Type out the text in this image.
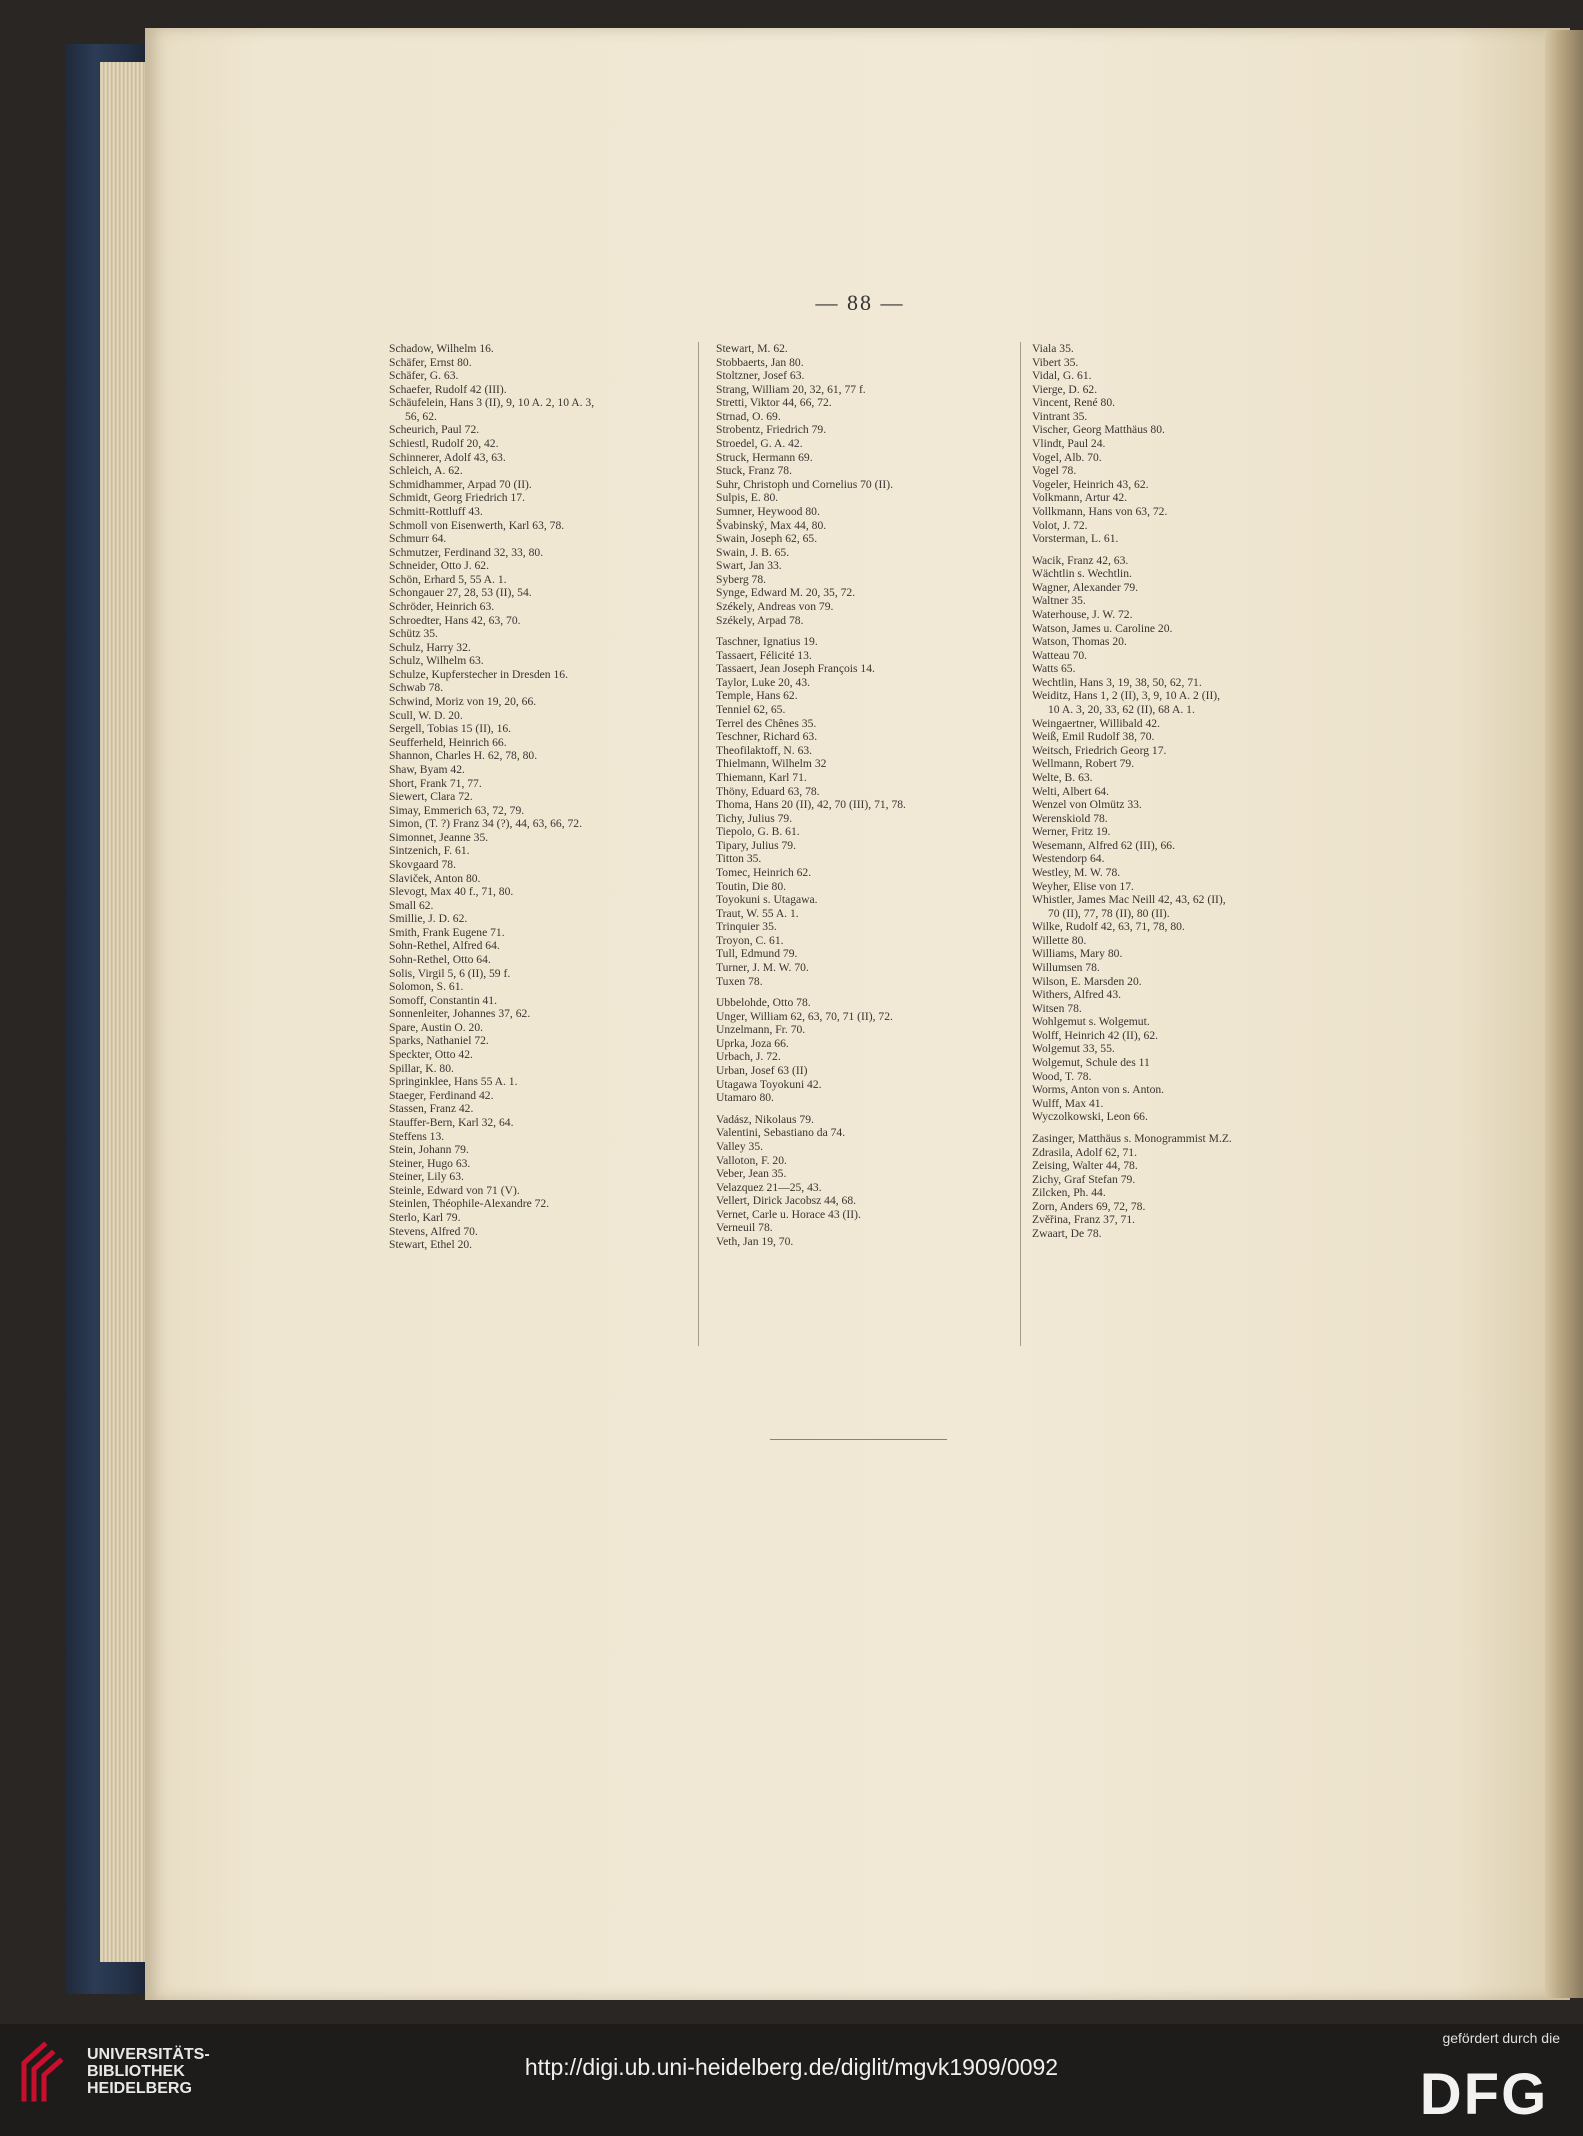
— 88 —
Schadow, Wilhelm 16.
Schäfer, Ernst 80.
Schäfer, G. 63.
Schaefer, Rudolf 42 (III).
Schäufelein, Hans 3 (II), 9, 10 A. 2, 10 A. 3,
56, 62.
Scheurich, Paul 72.
Schiestl, Rudolf 20, 42.
Schinnerer, Adolf 43, 63.
Schleich, A. 62.
Schmidhammer, Arpad 70 (II).
Schmidt, Georg Friedrich 17.
Schmitt-Rottluff 43.
Schmoll von Eisenwerth, Karl 63, 78.
Schmurr 64.
Schmutzer, Ferdinand 32, 33, 80.
Schneider, Otto J. 62.
Schön, Erhard 5, 55 A. 1.
Schongauer 27, 28, 53 (II), 54.
Schröder, Heinrich 63.
Schroedter, Hans 42, 63, 70.
Schütz 35.
Schulz, Harry 32.
Schulz, Wilhelm 63.
Schulze, Kupferstecher in Dresden 16.
Schwab 78.
Schwind, Moriz von 19, 20, 66.
Scull, W. D. 20.
Sergell, Tobias 15 (II), 16.
Seufferheld, Heinrich 66.
Shannon, Charles H. 62, 78, 80.
Shaw, Byam 42.
Short, Frank 71, 77.
Siewert, Clara 72.
Simay, Emmerich 63, 72, 79.
Simon, (T. ?) Franz 34 (?), 44, 63, 66, 72.
Simonnet, Jeanne 35.
Sintzenich, F. 61.
Skovgaard 78.
Slaviček, Anton 80.
Slevogt, Max 40 f., 71, 80.
Small 62.
Smillie, J. D. 62.
Smith, Frank Eugene 71.
Sohn-Rethel, Alfred 64.
Sohn-Rethel, Otto 64.
Solis, Virgil 5, 6 (II), 59 f.
Solomon, S. 61.
Somoff, Constantin 41.
Sonnenleiter, Johannes 37, 62.
Spare, Austin O. 20.
Sparks, Nathaniel 72.
Speckter, Otto 42.
Spillar, K. 80.
Springinklee, Hans 55 A. 1.
Staeger, Ferdinand 42.
Stassen, Franz 42.
Stauffer-Bern, Karl 32, 64.
Steffens 13.
Stein, Johann 79.
Steiner, Hugo 63.
Steiner, Lily 63.
Steinle, Edward von 71 (V).
Steinlen, Théophile-Alexandre 72.
Sterlo, Karl 79.
Stevens, Alfred 70.
Stewart, Ethel 20.
Stewart, M. 62.
Stobbaerts, Jan 80.
Stoltzner, Josef 63.
Strang, William 20, 32, 61, 77 f.
Stretti, Viktor 44, 66, 72.
Strnad, O. 69.
Strobentz, Friedrich 79.
Stroedel, G. A. 42.
Struck, Hermann 69.
Stuck, Franz 78.
Suhr, Christoph und Cornelius 70 (II).
Sulpis, E. 80.
Sumner, Heywood 80.
Švabinský, Max 44, 80.
Swain, Joseph 62, 65.
Swain, J. B. 65.
Swart, Jan 33.
Syberg 78.
Synge, Edward M. 20, 35, 72.
Székely, Andreas von 79.
Székely, Arpad 78.
Taschner, Ignatius 19.
Tassaert, Félicité 13.
Tassaert, Jean Joseph François 14.
Taylor, Luke 20, 43.
Temple, Hans 62.
Tenniel 62, 65.
Terrel des Chênes 35.
Teschner, Richard 63.
Theofilaktoff, N. 63.
Thielmann, Wilhelm 32
Thiemann, Karl 71.
Thöny, Eduard 63, 78.
Thoma, Hans 20 (II), 42, 70 (III), 71, 78.
Tichy, Julius 79.
Tiepolo, G. B. 61.
Tipary, Julius 79.
Titton 35.
Tomec, Heinrich 62.
Toutin, Die 80.
Toyokuni s. Utagawa.
Traut, W. 55 A. 1.
Trinquier 35.
Troyon, C. 61.
Tull, Edmund 79.
Turner, J. M. W. 70.
Tuxen 78.
Ubbelohde, Otto 78.
Unger, William 62, 63, 70, 71 (II), 72.
Unzelmann, Fr. 70.
Uprka, Joza 66.
Urbach, J. 72.
Urban, Josef 63 (II)
Utagawa Toyokuni 42.
Utamaro 80.
Vadász, Nikolaus 79.
Valentini, Sebastiano da 74.
Valley 35.
Valloton, F. 20.
Veber, Jean 35.
Velazquez 21—25, 43.
Vellert, Dirick Jacobsz 44, 68.
Vernet, Carle u. Horace 43 (II).
Verneuil 78.
Veth, Jan 19, 70.
Viala 35.
Vibert 35.
Vidal, G. 61.
Vierge, D. 62.
Vincent, René 80.
Vintrant 35.
Vischer, Georg Matthäus 80.
Vlindt, Paul 24.
Vogel, Alb. 70.
Vogel 78.
Vogeler, Heinrich 43, 62.
Volkmann, Artur 42.
Vollkmann, Hans von 63, 72.
Volot, J. 72.
Vorsterman, L. 61.
Wacik, Franz 42, 63.
Wächtlin s. Wechtlin.
Wagner, Alexander 79.
Waltner 35.
Waterhouse, J. W. 72.
Watson, James u. Caroline 20.
Watson, Thomas 20.
Watteau 70.
Watts 65.
Wechtlin, Hans 3, 19, 38, 50, 62, 71.
Weiditz, Hans 1, 2 (II), 3, 9, 10 A. 2 (II),
10 A. 3, 20, 33, 62 (II), 68 A. 1.
Weingaertner, Willibald 42.
Weiß, Emil Rudolf 38, 70.
Weitsch, Friedrich Georg 17.
Wellmann, Robert 79.
Welte, B. 63.
Welti, Albert 64.
Wenzel von Olmütz 33.
Werenskiold 78.
Werner, Fritz 19.
Wesemann, Alfred 62 (III), 66.
Westendorp 64.
Westley, M. W. 78.
Weyher, Elise von 17.
Whistler, James Mac Neill 42, 43, 62 (II),
70 (II), 77, 78 (II), 80 (II).
Wilke, Rudolf 42, 63, 71, 78, 80.
Willette 80.
Williams, Mary 80.
Willumsen 78.
Wilson, E. Marsden 20.
Withers, Alfred 43.
Witsen 78.
Wohlgemut s. Wolgemut.
Wolff, Heinrich 42 (II), 62.
Wolgemut 33, 55.
Wolgemut, Schule des 11
Wood, T. 78.
Worms, Anton von s. Anton.
Wulff, Max 41.
Wyczolkowski, Leon 66.
Zasinger, Matthäus s. Monogrammist M.Z.
Zdrasila, Adolf 62, 71.
Zeising, Walter 44, 78.
Zichy, Graf Stefan 79.
Zilcken, Ph. 44.
Zorn, Anders 69, 72, 78.
Zvěřina, Franz 37, 71.
Zwaart, De 78.
UNIVERSITÄTS-
BIBLIOTHEK
HEIDELBERG
http://digi.ub.uni-heidelberg.de/diglit/mgvk1909/0092
gefördert durch die
DFG
